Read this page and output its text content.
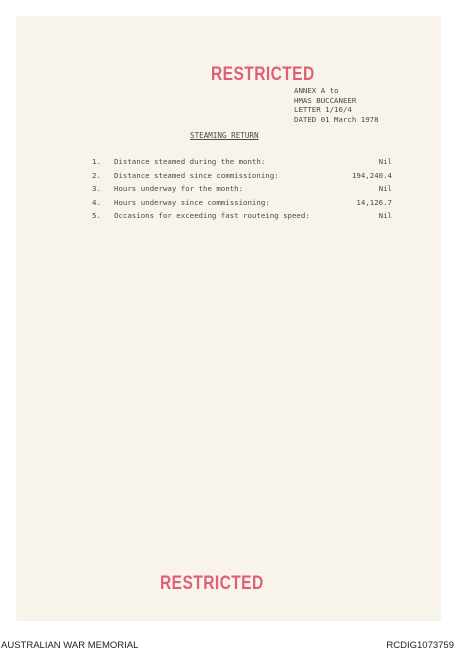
RESTRICTED
ANNEX A to
HMAS BUCCANEER
LETTER 1/16/4
DATED 01 March 1978
STEAMING RETURN
1. Distance steamed during the month:	Nil
2. Distance steamed since commissioning:	194,240.4
3. Hours underway for the month:	Nil
4. Hours underway since commissioning:	14,126.7
5. Occasions for exceeding fast routeing speed:	Nil
RESTRICTED
AUSTRALIAN WAR MEMORIAL	RCDIG1073759
